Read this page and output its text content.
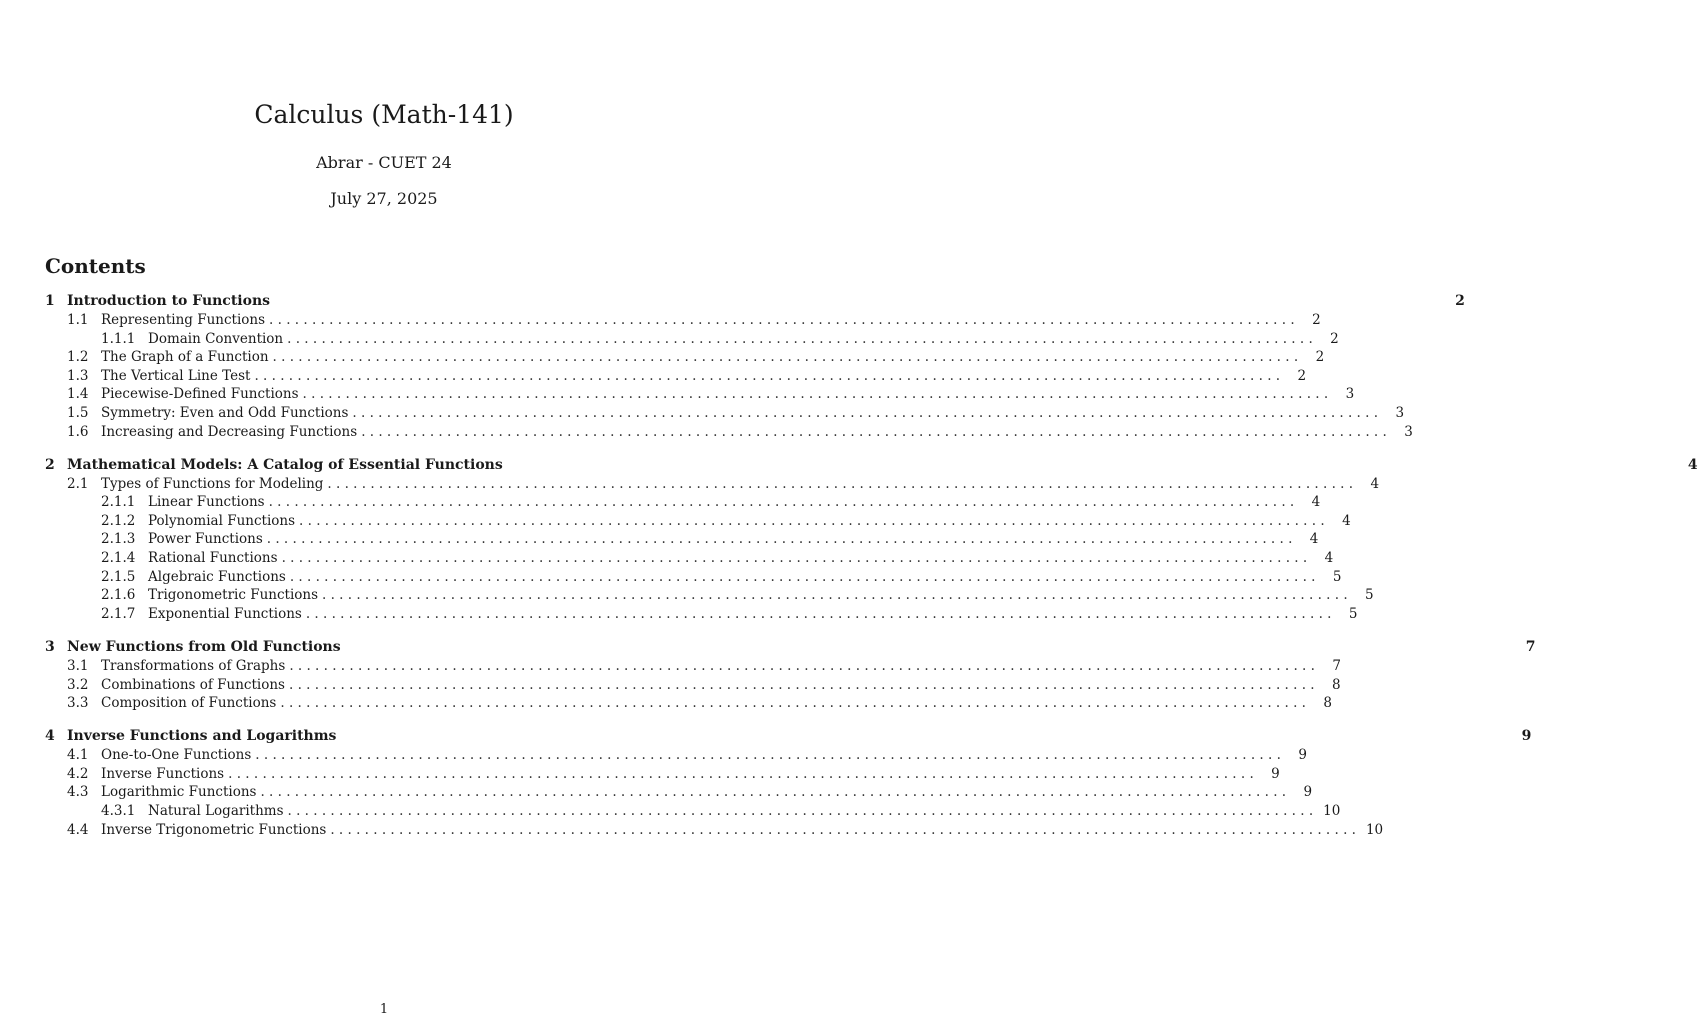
Calculus (Math-141)
Abrar - CUET 24
July 27, 2025
Contents
1 Introduction to Functions	2
1.1 Representing Functions . . . . . . . . . . . . . . . . . . . . . . . . . . . . . . . . . . . . . . . . . . . . . . . . . . . . . . . . . . . . . . . . . . . . . . . . . . . . . . . . . . . . . . . . . . . . . . . . . . . . . . . . . . . . . . . . . . . . . . . .	2
1.1.1 Domain Convention . . . . . . . . . . . . . . . . . . . . . . . . . . . . . . . . . . . . . . . . . . . . . . . . . . . . . . . . . . . . . . . . . . . . . . . . . . . . . . . . . . . . . . . . . . . . . . . . . . . . . . . . . . . . . . . . . . . . . . . .	2
1.2 The Graph of a Function . . . . . . . . . . . . . . . . . . . . . . . . . . . . . . . . . . . . . . . . . . . . . . . . . . . . . . . . . . . . . . . . . . . . . . . . . . . . . . . . . . . . . . . . . . . . . . . . . . . . . . . . . . . . . . . . . . . . . . . .	2
1.3 The Vertical Line Test . . . . . . . . . . . . . . . . . . . . . . . . . . . . . . . . . . . . . . . . . . . . . . . . . . . . . . . . . . . . . . . . . . . . . . . . . . . . . . . . . . . . . . . . . . . . . . . . . . . . . . . . . . . . . . . . . . . . . . . .	2
1.4 Piecewise-Defined Functions . . . . . . . . . . . . . . . . . . . . . . . . . . . . . . . . . . . . . . . . . . . . . . . . . . . . . . . . . . . . . . . . . . . . . . . . . . . . . . . . . . . . . . . . . . . . . . . . . . . . . . . . . . . . . . . . . . . . . . . .	3
1.5 Symmetry: Even and Odd Functions . . . . . . . . . . . . . . . . . . . . . . . . . . . . . . . . . . . . . . . . . . . . . . . . . . . . . . . . . . . . . . . . . . . . . . . . . . . . . . . . . . . . . . . . . . . . . . . . . . . . . . . . . . . . . . . . . . . . . . . .	3
1.6 Increasing and Decreasing Functions . . . . . . . . . . . . . . . . . . . . . . . . . . . . . . . . . . . . . . . . . . . . . . . . . . . . . . . . . . . . . . . . . . . . . . . . . . . . . . . . . . . . . . . . . . . . . . . . . . . . . . . . . . . . . . . . . . . . . . . .	3
2 Mathematical Models: A Catalog of Essential Functions	4
2.1 Types of Functions for Modeling . . . . . . . . . . . . . . . . . . . . . . . . . . . . . . . . . . . . . . . . . . . . . . . . . . . . . . . . . . . . . . . . . . . . . . . . . . . . . . . . . . . . . . . . . . . . . . . . . . . . . . . . . . . . . . . . . . . . . . . .	4
2.1.1 Linear Functions . . . . . . . . . . . . . . . . . . . . . . . . . . . . . . . . . . . . . . . . . . . . . . . . . . . . . . . . . . . . . . . . . . . . . . . . . . . . . . . . . . . . . . . . . . . . . . . . . . . . . . . . . . . . . . . . . . . . . . . .	4
2.1.2 Polynomial Functions . . . . . . . . . . . . . . . . . . . . . . . . . . . . . . . . . . . . . . . . . . . . . . . . . . . . . . . . . . . . . . . . . . . . . . . . . . . . . . . . . . . . . . . . . . . . . . . . . . . . . . . . . . . . . . . . . . . . . . . .	4
2.1.3 Power Functions . . . . . . . . . . . . . . . . . . . . . . . . . . . . . . . . . . . . . . . . . . . . . . . . . . . . . . . . . . . . . . . . . . . . . . . . . . . . . . . . . . . . . . . . . . . . . . . . . . . . . . . . . . . . . . . . . . . . . . . .	4
2.1.4 Rational Functions . . . . . . . . . . . . . . . . . . . . . . . . . . . . . . . . . . . . . . . . . . . . . . . . . . . . . . . . . . . . . . . . . . . . . . . . . . . . . . . . . . . . . . . . . . . . . . . . . . . . . . . . . . . . . . . . . . . . . . . .	4
2.1.5 Algebraic Functions . . . . . . . . . . . . . . . . . . . . . . . . . . . . . . . . . . . . . . . . . . . . . . . . . . . . . . . . . . . . . . . . . . . . . . . . . . . . . . . . . . . . . . . . . . . . . . . . . . . . . . . . . . . . . . . . . . . . . . . .	5
2.1.6 Trigonometric Functions . . . . . . . . . . . . . . . . . . . . . . . . . . . . . . . . . . . . . . . . . . . . . . . . . . . . . . . . . . . . . . . . . . . . . . . . . . . . . . . . . . . . . . . . . . . . . . . . . . . . . . . . . . . . . . . . . . . . . . . .	5
2.1.7 Exponential Functions . . . . . . . . . . . . . . . . . . . . . . . . . . . . . . . . . . . . . . . . . . . . . . . . . . . . . . . . . . . . . . . . . . . . . . . . . . . . . . . . . . . . . . . . . . . . . . . . . . . . . . . . . . . . . . . . . . . . . . . .	5
3 New Functions from Old Functions	7
3.1 Transformations of Graphs . . . . . . . . . . . . . . . . . . . . . . . . . . . . . . . . . . . . . . . . . . . . . . . . . . . . . . . . . . . . . . . . . . . . . . . . . . . . . . . . . . . . . . . . . . . . . . . . . . . . . . . . . . . . . . . . . . . . . . . .	7
3.2 Combinations of Functions . . . . . . . . . . . . . . . . . . . . . . . . . . . . . . . . . . . . . . . . . . . . . . . . . . . . . . . . . . . . . . . . . . . . . . . . . . . . . . . . . . . . . . . . . . . . . . . . . . . . . . . . . . . . . . . . . . . . . . . .	8
3.3 Composition of Functions . . . . . . . . . . . . . . . . . . . . . . . . . . . . . . . . . . . . . . . . . . . . . . . . . . . . . . . . . . . . . . . . . . . . . . . . . . . . . . . . . . . . . . . . . . . . . . . . . . . . . . . . . . . . . . . . . . . . . . . .	8
4 Inverse Functions and Logarithms	9
4.1 One-to-One Functions . . . . . . . . . . . . . . . . . . . . . . . . . . . . . . . . . . . . . . . . . . . . . . . . . . . . . . . . . . . . . . . . . . . . . . . . . . . . . . . . . . . . . . . . . . . . . . . . . . . . . . . . . . . . . . . . . . . . . . . .	9
4.2 Inverse Functions . . . . . . . . . . . . . . . . . . . . . . . . . . . . . . . . . . . . . . . . . . . . . . . . . . . . . . . . . . . . . . . . . . . . . . . . . . . . . . . . . . . . . . . . . . . . . . . . . . . . . . . . . . . . . . . . . . . . . . . .	9
4.3 Logarithmic Functions . . . . . . . . . . . . . . . . . . . . . . . . . . . . . . . . . . . . . . . . . . . . . . . . . . . . . . . . . . . . . . . . . . . . . . . . . . . . . . . . . . . . . . . . . . . . . . . . . . . . . . . . . . . . . . . . . . . . . . . .	9
4.3.1 Natural Logarithms . . . . . . . . . . . . . . . . . . . . . . . . . . . . . . . . . . . . . . . . . . . . . . . . . . . . . . . . . . . . . . . . . . . . . . . . . . . . . . . . . . . . . . . . . . . . . . . . . . . . . . . . . . . . . . . . . . . . . . . . 10
4.4 Inverse Trigonometric Functions . . . . . . . . . . . . . . . . . . . . . . . . . . . . . . . . . . . . . . . . . . . . . . . . . . . . . . . . . . . . . . . . . . . . . . . . . . . . . . . . . . . . . . . . . . . . . . . . . . . . . . . . . . . . . . . . . . . . . . . . 10
1
